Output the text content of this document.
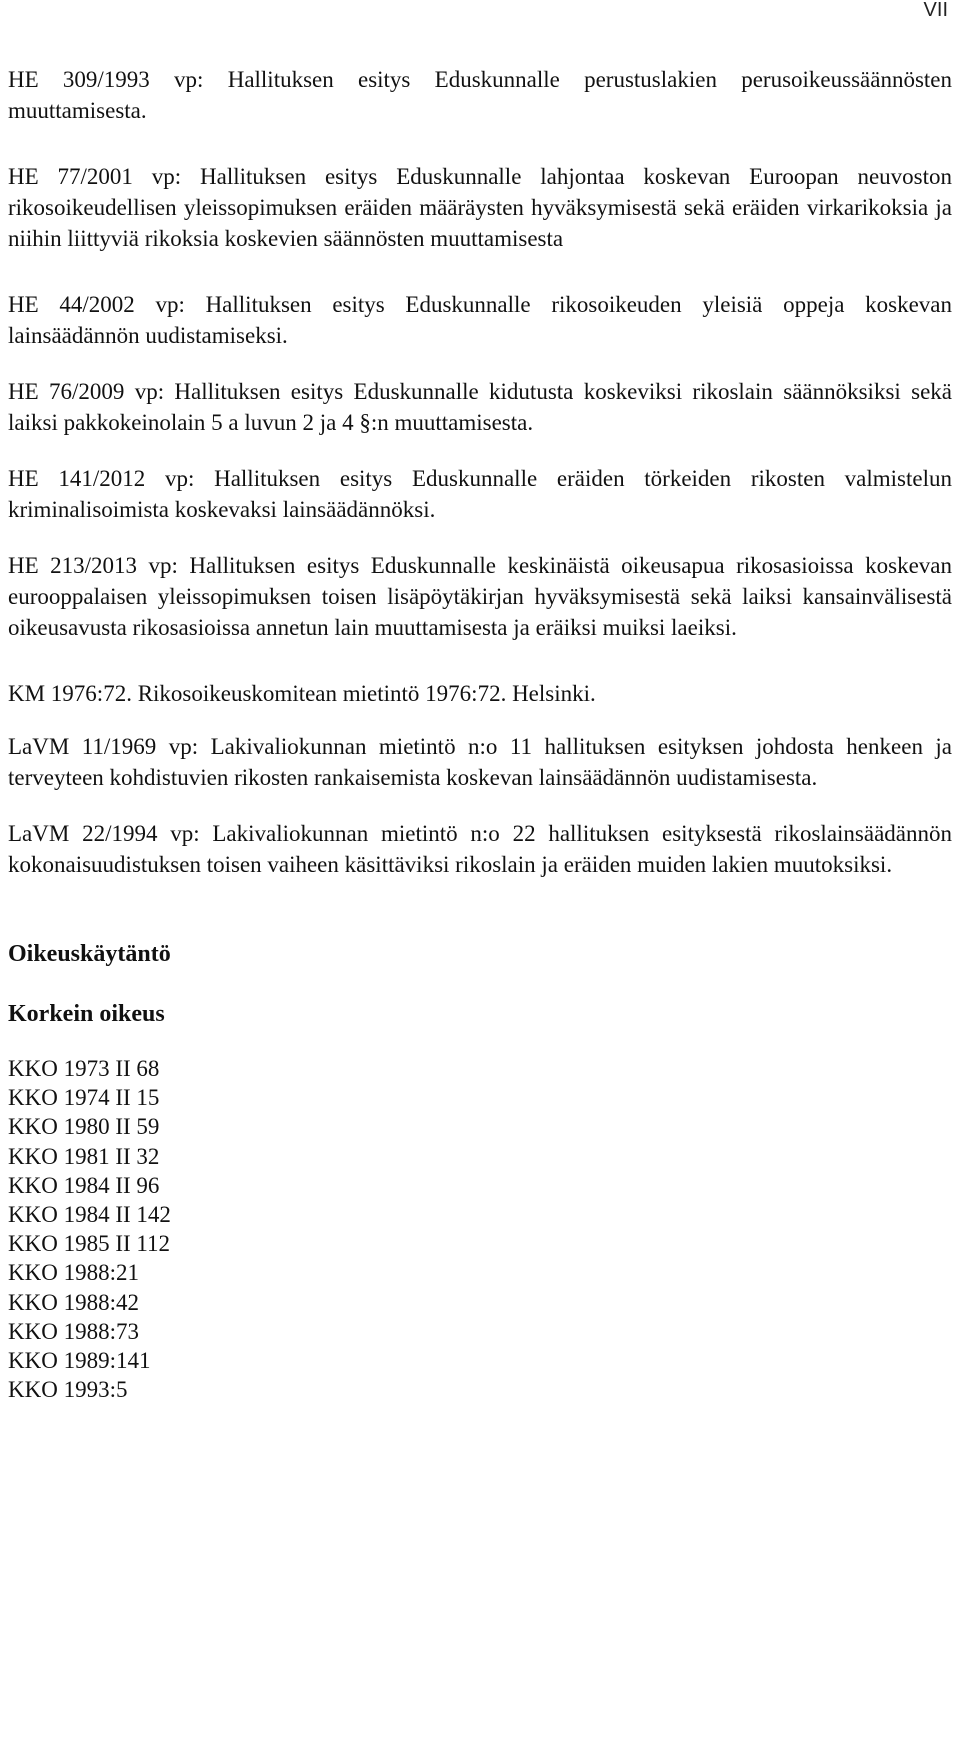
VII

HE 309/1993 vp: Hallituksen esitys Eduskunnalle perustuslakien perusoikeussäännösten muuttamisesta.

HE 77/2001 vp: Hallituksen esitys Eduskunnalle lahjontaa koskevan Euroopan neuvoston rikosoikeudellisen yleissopimuksen eräiden määräysten hyväksymisestä sekä eräiden virkarikoksia ja niihin liittyviä rikoksia koskevien säännösten muuttamisesta

HE 44/2002 vp: Hallituksen esitys Eduskunnalle rikosoikeuden yleisiä oppeja koskevan lainsäädännön uudistamiseksi.

HE 76/2009 vp: Hallituksen esitys Eduskunnalle kidutusta koskeviksi rikoslain säännöksiksi sekä laiksi pakkokeinolain 5 a luvun 2 ja 4 §:n muuttamisesta.

HE 141/2012 vp: Hallituksen esitys Eduskunnalle eräiden törkeiden rikosten valmistelun kriminalisoimista koskevaksi lainsäädännöksi.

HE 213/2013 vp: Hallituksen esitys Eduskunnalle keskinäistä oikeusapua rikosasioissa koskevan eurooppalaisen yleissopimuksen toisen lisäpöytäkirjan hyväksymisestä sekä laiksi kansainvälisestä oikeusavusta rikosasioissa annetun lain muuttamisesta ja eräiksi muiksi laeiksi.

KM 1976:72. Rikosoikeuskomitean mietintö 1976:72. Helsinki.

LaVM 11/1969 vp: Lakivaliokunnan mietintö n:o 11 hallituksen esityksen johdosta henkeen ja terveyteen kohdistuvien rikosten rankaisemista koskevan lainsäädännön uudistamisesta.

LaVM 22/1994 vp: Lakivaliokunnan mietintö n:o 22 hallituksen esityksestä rikoslainsäädännön kokonaisuudistuksen toisen vaiheen käsittäviksi rikoslain ja eräiden muiden lakien muutoksiksi.

Oikeuskäytäntö
Korkein oikeus
KKO 1973 II 68
KKO 1974 II 15
KKO 1980 II 59
KKO 1981 II 32
KKO 1984 II 96
KKO 1984 II 142
KKO 1985 II 112
KKO 1988:21
KKO 1988:42
KKO 1988:73
KKO 1989:141
KKO 1993:5
